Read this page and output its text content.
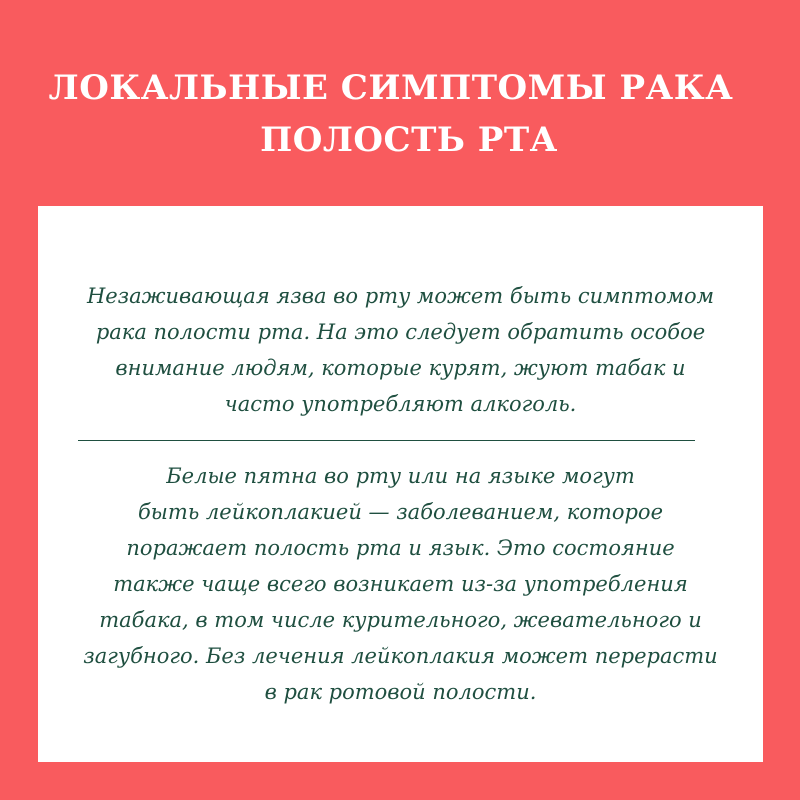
ЛОКАЛЬНЫЕ СИМПТОМЫ РАКА
ПОЛОСТЬ РТА

Незаживающая язва во рту может быть симптомом
рака полости рта. На это следует обратить особое
внимание людям, которые курят, жуют табак и
часто употребляют алкоголь.

Белые пятна во рту или на языке могут
быть лейкоплакией — заболеванием, которое
поражает полость рта и язык. Это состояние
также чаще всего возникает из-за употребления
табака, в том числе курительного, жевательного и
загубного. Без лечения лейкоплакия может перерасти
в рак ротовой полости.
